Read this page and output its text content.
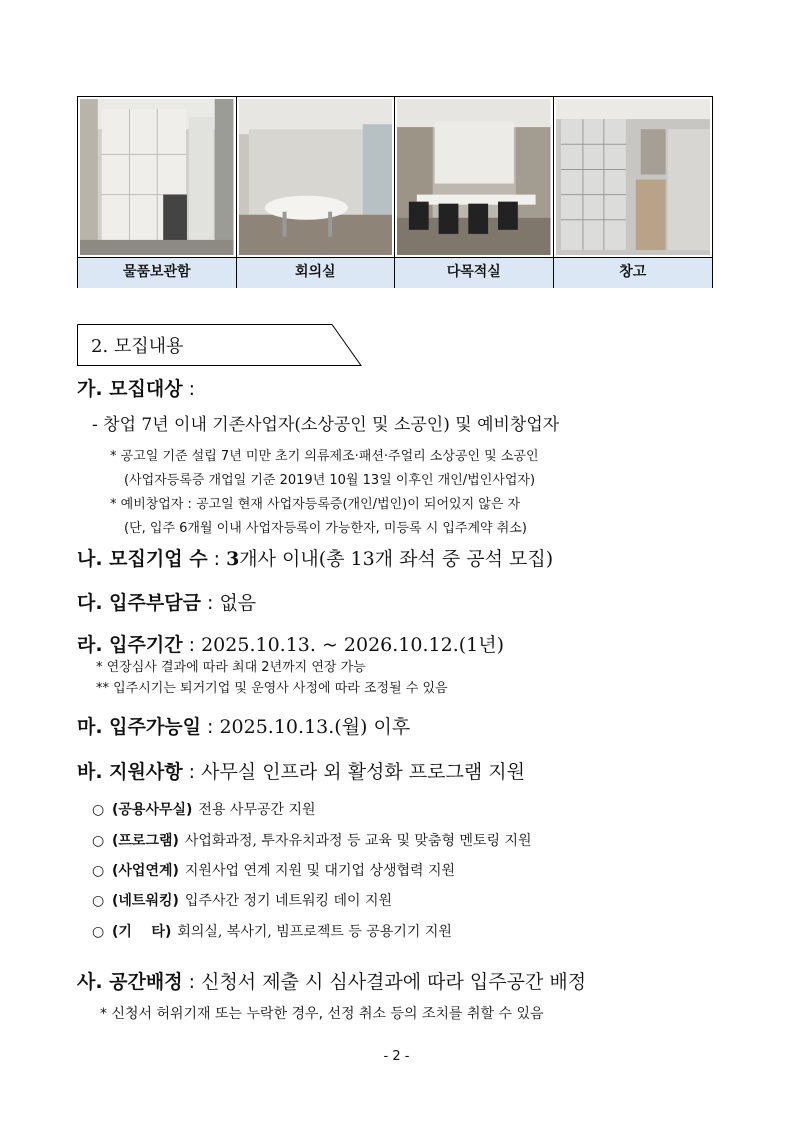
물품보관함	회의실	다목적실	창고
2. 모집내용
가. 모집대상 :
- 창업 7년 이내 기존사업자(소상공인 및 소공인) 및 예비창업자
* 공고일 기준 설립 7년 미만 초기 의류제조·패션·주얼리 소상공인 및 소공인
(사업자등록증 개업일 기준 2019년 10월 13일 이후인 개인/법인사업자)
* 예비창업자 : 공고일 현재 사업자등록증(개인/법인)이 되어있지 않은 자
(단, 입주 6개월 이내 사업자등록이 가능한자, 미등록 시 입주계약 취소)
나. 모집기업 수 : 3개사 이내(총 13개 좌석 중 공석 모집)
다. 입주부담금 : 없음
라. 입주기간 : 2025.10.13. ~ 2026.10.12.(1년)
* 연장심사 결과에 따라 최대 2년까지 연장 가능
** 입주시기는 퇴거기업 및 운영사 사정에 따라 조정될 수 있음
마. 입주가능일 : 2025.10.13.(월) 이후
바. 지원사항 : 사무실 인프라 외 활성화 프로그램 지원
○ (공용사무실) 전용 사무공간 지원
○ (프로그램) 사업화과정, 투자유치과정 등 교육 및 맞춤형 멘토링 지원
○ (사업연계) 지원사업 연계 지원 및 대기업 상생협력 지원
○ (네트워킹) 입주사간 정기 네트워킹 데이 지원
○ (기    타) 회의실, 복사기, 빔프로젝트 등 공용기기 지원
사. 공간배정 : 신청서 제출 시 심사결과에 따라 입주공간 배정
* 신청서 허위기재 또는 누락한 경우, 선정 취소 등의 조치를 취할 수 있음
- 2 -
